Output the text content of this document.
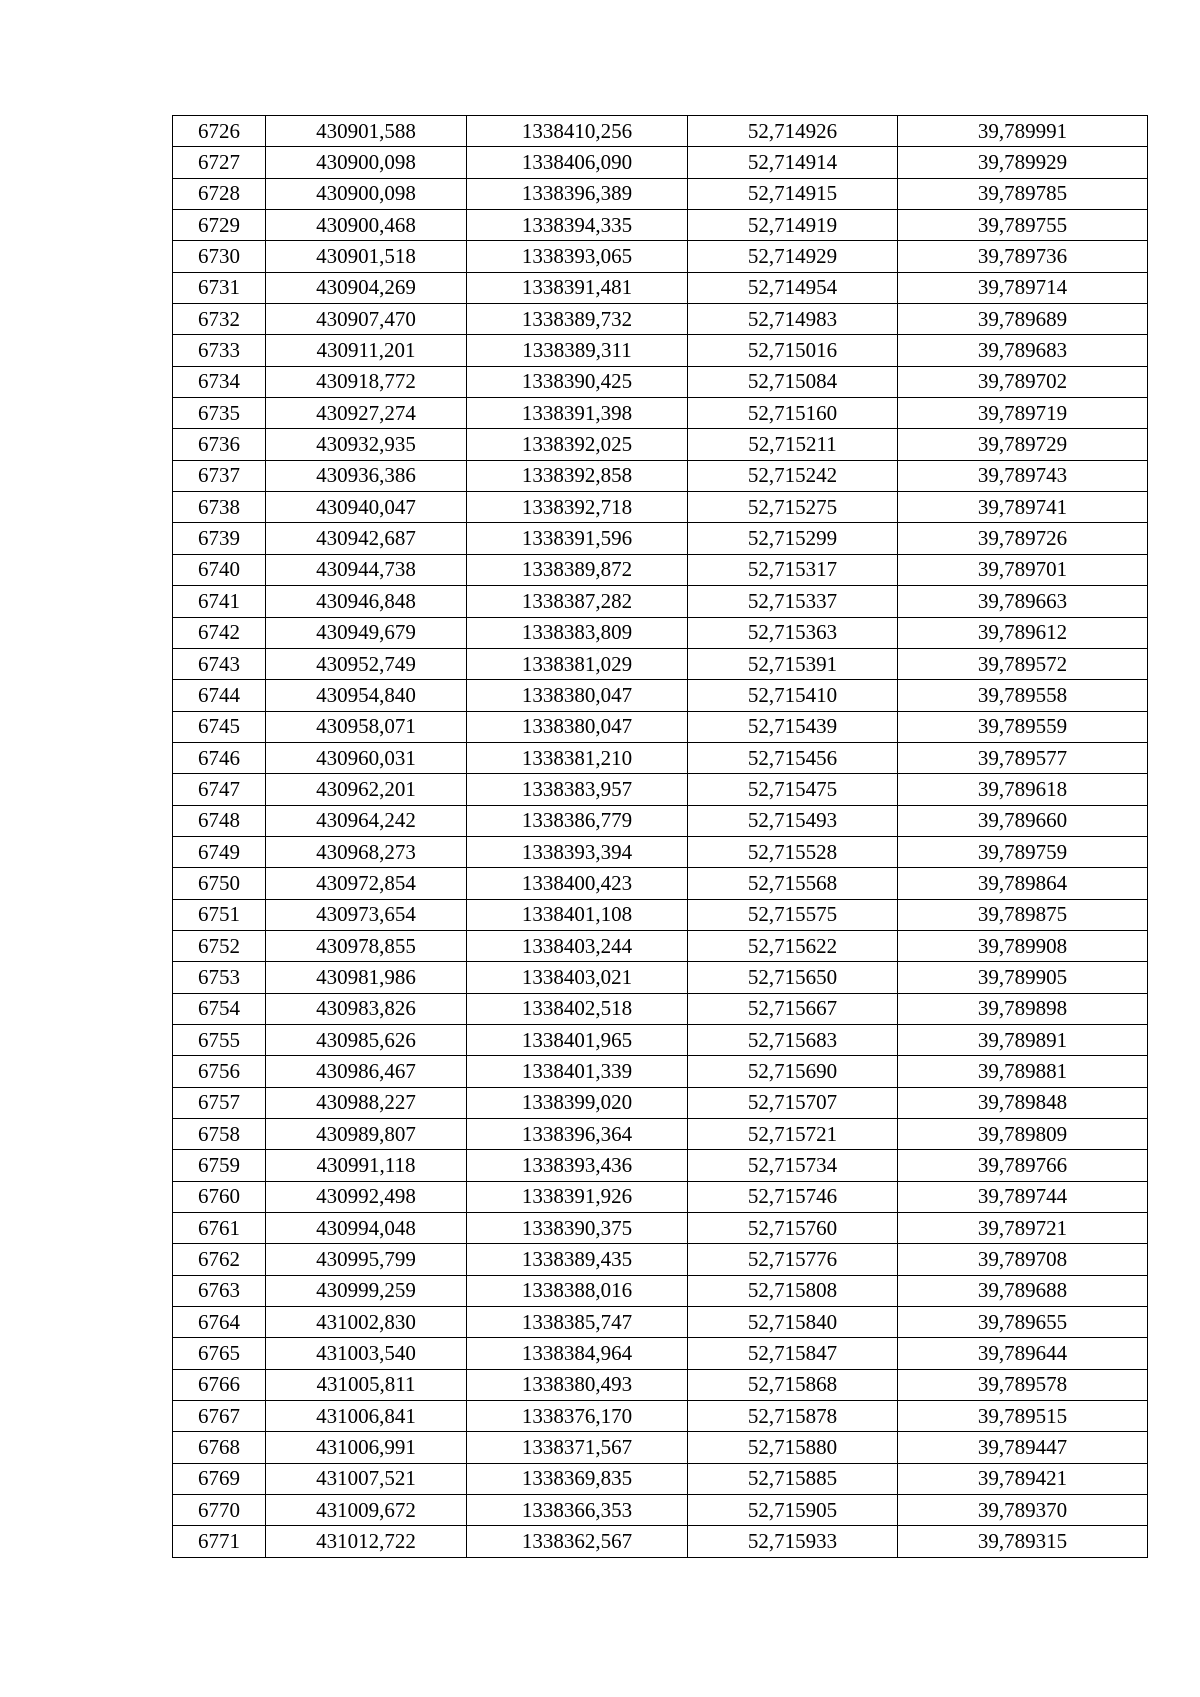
6726	430901,588	1338410,256	52,714926	39,789991
6727	430900,098	1338406,090	52,714914	39,789929
6728	430900,098	1338396,389	52,714915	39,789785
6729	430900,468	1338394,335	52,714919	39,789755
6730	430901,518	1338393,065	52,714929	39,789736
6731	430904,269	1338391,481	52,714954	39,789714
6732	430907,470	1338389,732	52,714983	39,789689
6733	430911,201	1338389,311	52,715016	39,789683
6734	430918,772	1338390,425	52,715084	39,789702
6735	430927,274	1338391,398	52,715160	39,789719
6736	430932,935	1338392,025	52,715211	39,789729
6737	430936,386	1338392,858	52,715242	39,789743
6738	430940,047	1338392,718	52,715275	39,789741
6739	430942,687	1338391,596	52,715299	39,789726
6740	430944,738	1338389,872	52,715317	39,789701
6741	430946,848	1338387,282	52,715337	39,789663
6742	430949,679	1338383,809	52,715363	39,789612
6743	430952,749	1338381,029	52,715391	39,789572
6744	430954,840	1338380,047	52,715410	39,789558
6745	430958,071	1338380,047	52,715439	39,789559
6746	430960,031	1338381,210	52,715456	39,789577
6747	430962,201	1338383,957	52,715475	39,789618
6748	430964,242	1338386,779	52,715493	39,789660
6749	430968,273	1338393,394	52,715528	39,789759
6750	430972,854	1338400,423	52,715568	39,789864
6751	430973,654	1338401,108	52,715575	39,789875
6752	430978,855	1338403,244	52,715622	39,789908
6753	430981,986	1338403,021	52,715650	39,789905
6754	430983,826	1338402,518	52,715667	39,789898
6755	430985,626	1338401,965	52,715683	39,789891
6756	430986,467	1338401,339	52,715690	39,789881
6757	430988,227	1338399,020	52,715707	39,789848
6758	430989,807	1338396,364	52,715721	39,789809
6759	430991,118	1338393,436	52,715734	39,789766
6760	430992,498	1338391,926	52,715746	39,789744
6761	430994,048	1338390,375	52,715760	39,789721
6762	430995,799	1338389,435	52,715776	39,789708
6763	430999,259	1338388,016	52,715808	39,789688
6764	431002,830	1338385,747	52,715840	39,789655
6765	431003,540	1338384,964	52,715847	39,789644
6766	431005,811	1338380,493	52,715868	39,789578
6767	431006,841	1338376,170	52,715878	39,789515
6768	431006,991	1338371,567	52,715880	39,789447
6769	431007,521	1338369,835	52,715885	39,789421
6770	431009,672	1338366,353	52,715905	39,789370
6771	431012,722	1338362,567	52,715933	39,789315
